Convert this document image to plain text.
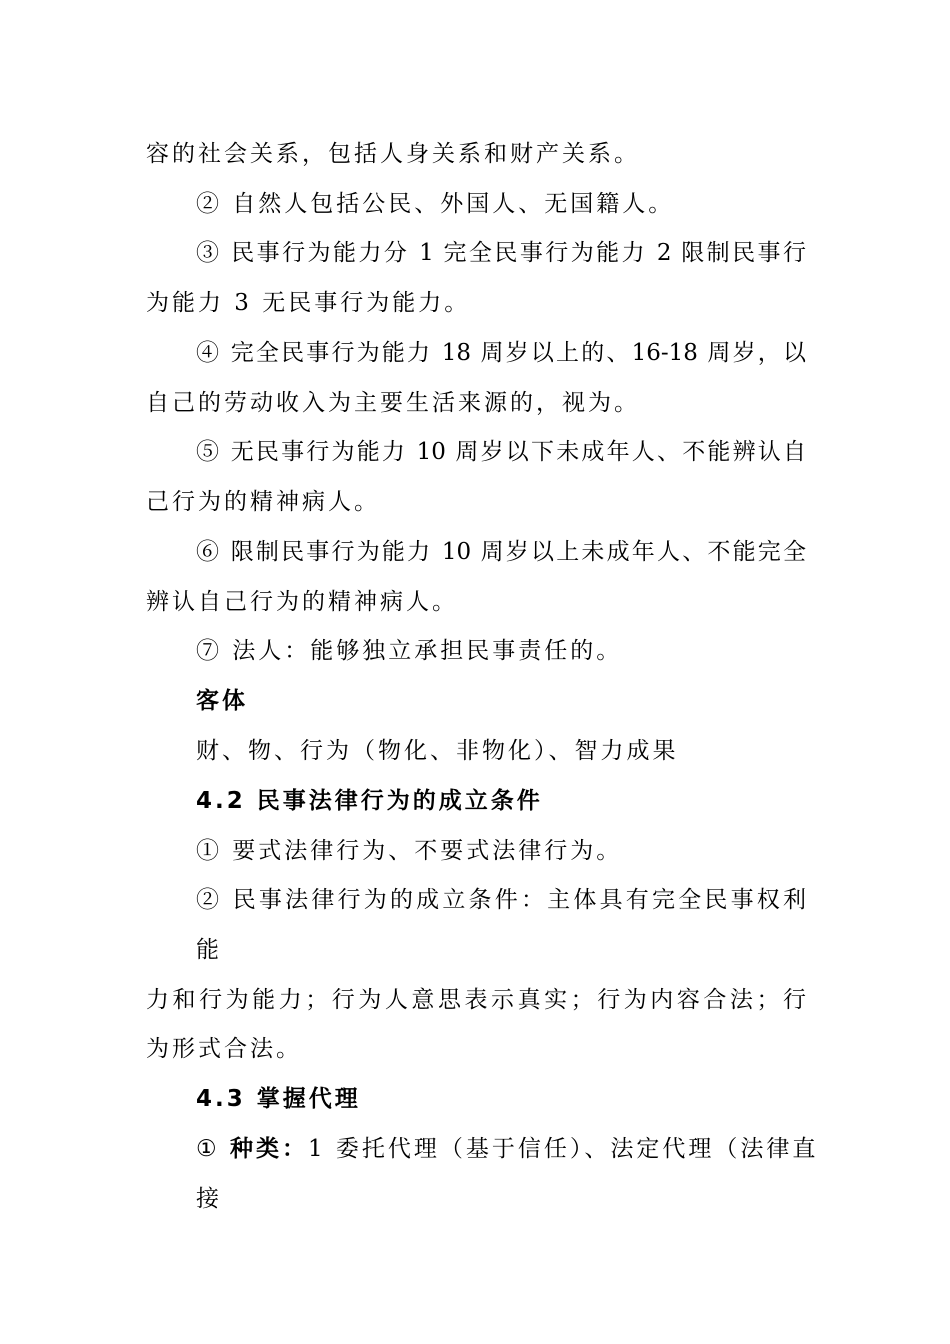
容的社会关系，包括人身关系和财产关系。
② 自然人包括公民、外国人、无国籍人。
③ 民事行为能力分 1 完全民事行为能力 2 限制民事行
为能力 3 无民事行为能力。
④ 完全民事行为能力 18 周岁以上的、16-18 周岁，以
自己的劳动收入为主要生活来源的，视为。
⑤ 无民事行为能力 10 周岁以下未成年人、不能辨认自
己行为的精神病人。
⑥ 限制民事行为能力 10 周岁以上未成年人、不能完全
辨认自己行为的精神病人。
⑦ 法人：能够独立承担民事责任的。
客体
财、物、行为（物化、非物化）、智力成果
4.2 民事法律行为的成立条件
① 要式法律行为、不要式法律行为。
② 民事法律行为的成立条件：主体具有完全民事权利
能
力和行为能力；行为人意思表示真实；行为内容合法；行
为形式合法。
4.3 掌握代理
① 种类：1 委托代理（基于信任）、法定代理（法律直
接
